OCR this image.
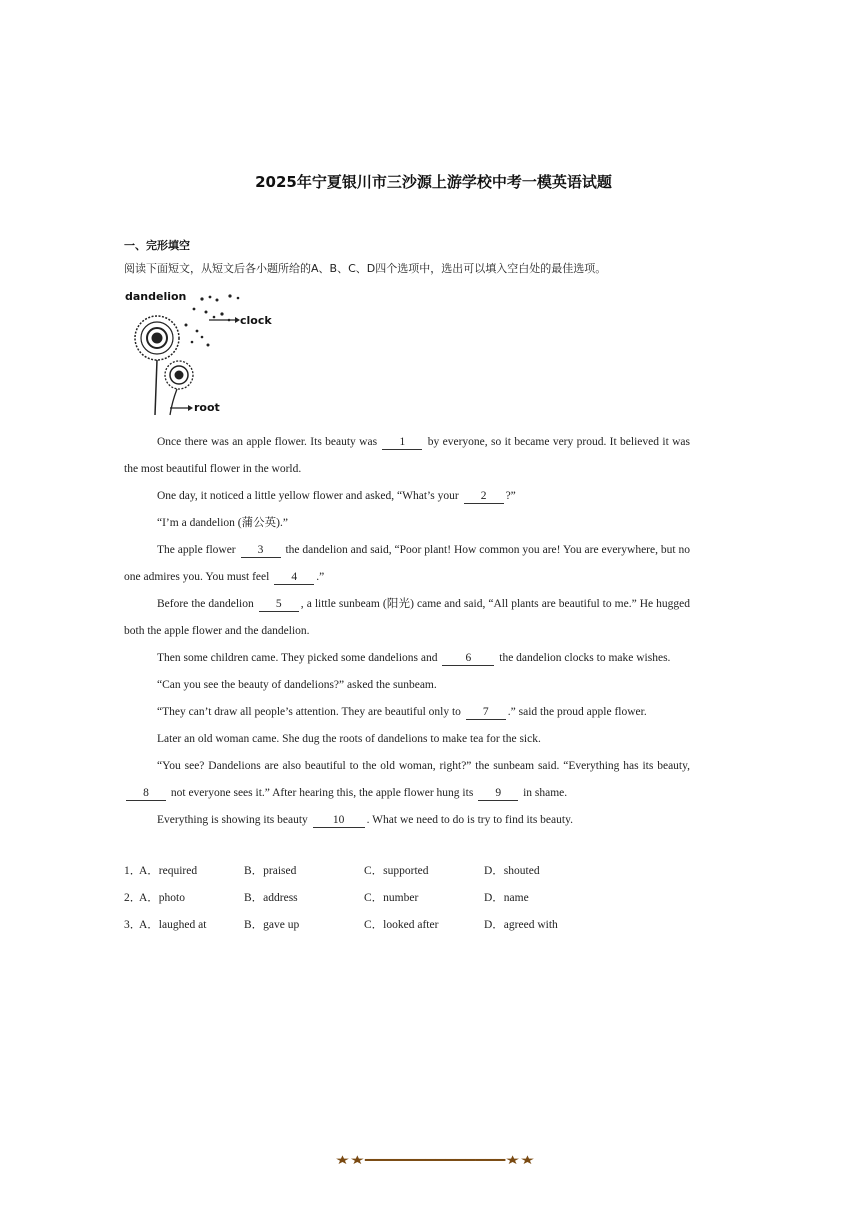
2025年宁夏银川市三沙源上游学校中考一模英语试题
一、完形填空
阅读下面短文，从短文后各小题所给的A、B、C、D四个选项中，选出可以填入空白处的最佳选项。
dandelion
clock
root

Once there was an apple flower. Its beauty was 1 by everyone, so it became very proud. It believed it was the most beautiful flower in the world.

One day, it noticed a little yellow flower and asked, “What’s your 2 ?”

“I’m a dandelion (蒲公英).”

The apple flower 3 the dandelion and said, “Poor plant! How common you are! You are everywhere, but no one admires you. You must feel 4 .”

Before the dandelion 5 , a little sunbeam (阳光) came and said, “All plants are beautiful to me.” He hugged both the apple flower and the dandelion.

Then some children came. They picked some dandelions and 6 the dandelion clocks to make wishes.

“Can you see the beauty of dandelions?” asked the sunbeam.

“They can’t draw all people’s attention. They are beautiful only to 7 .” said the proud apple flower.

Later an old woman came. She dug the roots of dandelions to make tea for the sick.

“You see? Dandelions are also beautiful to the old woman, right?” the sunbeam said. “Everything has its beauty, 8 not everyone sees it.” After hearing this, the apple flower hung its 9 in shame.

Everything is showing its beauty 10 . What we need to do is try to find its beauty.

1．
A．required	B．praised	C．supported	D．shouted
2．
A．photo	B．address	C．number	D．name
3．
A．laughed at	B．gave up	C．looked after	D．agreed with
★★━━━━━━━━━━━━━━★★
